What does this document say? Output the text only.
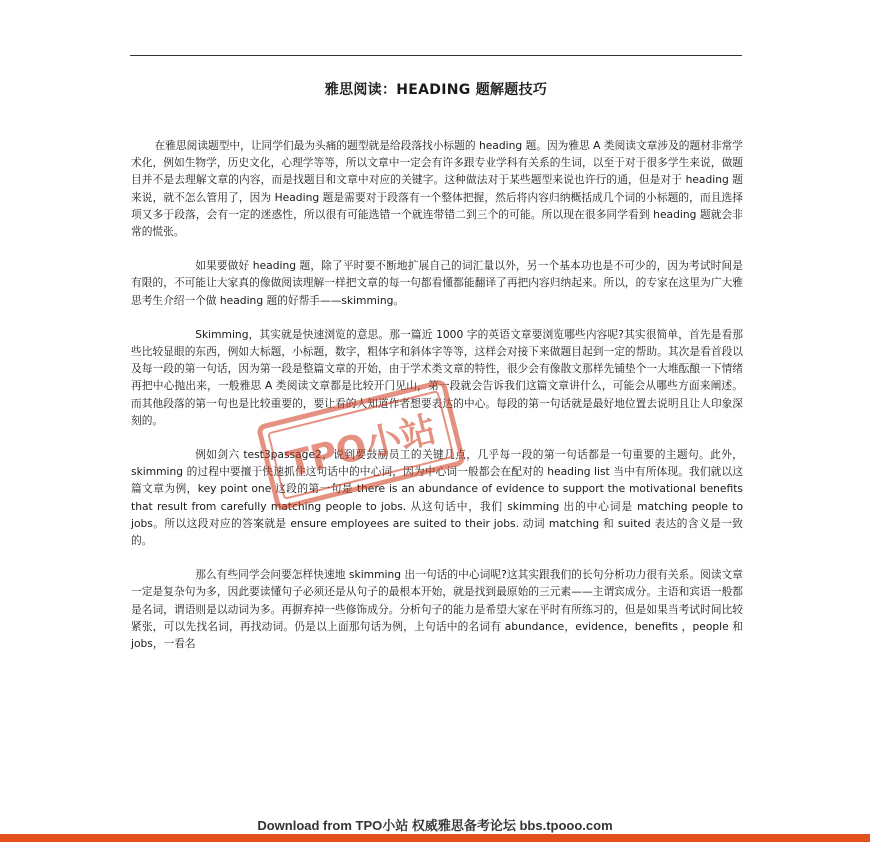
雅思阅读：HEADING 题解题技巧

在雅思阅读题型中，让同学们最为头痛的题型就是给段落找小标题的 heading 题。因为雅思 A 类阅读文章涉及的题材非常学术化，例如生物学，历史文化，心理学等等，所以文章中一定会有许多跟专业学科有关系的生词，以至于对于很多学生来说，做题目并不是去理解文章的内容，而是找题目和文章中对应的关键字。这种做法对于某些题型来说也许行的通，但是对于 heading 题来说，就不怎么管用了，因为 Heading 题是需要对于段落有一个整体把握，然后将内容归纳概括成几个词的小标题的，而且选择项又多于段落，会有一定的迷惑性，所以很有可能选错一个就连带错二到三个的可能。所以现在很多同学看到 heading 题就会非常的慌张。

如果要做好 heading 题，除了平时要不断地扩展自己的词汇量以外，另一个基本功也是不可少的，因为考试时间是有限的，不可能让大家真的像做阅读理解一样把文章的每一句都看懂都能翻译了再把内容归纳起来。所以，的专家在这里为广大雅思考生介绍一个做 heading 题的好帮手——skimming。

Skimming，其实就是快速浏览的意思。那一篇近 1000 字的英语文章要浏览哪些内容呢?其实很简单，首先是看那些比较显眼的东西，例如大标题，小标题，数字，粗体字和斜体字等等，这样会对接下来做题目起到一定的帮助。其次是看首段以及每一段的第一句话，因为第一段是整篇文章的开始，由于学术类文章的特性，很少会有像散文那样先铺垫个一大堆酝酿一下情绪再把中心抛出来，一般雅思 A 类阅读文章都是比较开门见山，第一段就会告诉我们这篇文章讲什么，可能会从哪些方面来阐述。而其他段落的第一句也是比较重要的，要让看的人知道作者想要表达的中心。每段的第一句话就是最好地位置去说明且让人印象深刻的。

例如剑六 test3passage2，说到要鼓励员工的关键几点，几乎每一段的第一句话都是一句重要的主题句。此外，skimming 的过程中要擅于快速抓住这句话中的中心词，因为中心词一般都会在配对的 heading list 当中有所体现。我们就以这篇文章为例，key point one 这段的第一句是 there is an abundance of evidence to support the motivational benefits that result from carefully matching people to jobs. 从这句话中，我们 skimming 出的中心词是 matching people to jobs。所以这段对应的答案就是 ensure employees are suited to their jobs. 动词 matching 和 suited 表达的含义是一致的。

那么有些同学会问要怎样快速地 skimming 出一句话的中心词呢?这其实跟我们的长句分析功力很有关系。阅读文章一定是复杂句为多，因此要读懂句子必须还是从句子的最根本开始，就是找到最原始的三元素——主谓宾成分。主语和宾语一般都是名词，谓语则是以动词为多。再摒弃掉一些修饰成分。分析句子的能力是希望大家在平时有所练习的，但是如果当考试时间比较紧张，可以先找名词，再找动词。仍是以上面那句话为例，上句话中的名词有 abundance，evidence，benefits ，people 和 jobs，一看名

TPO小站
Download from TPO小站 权威雅思备考论坛 bbs.tpooo.com
